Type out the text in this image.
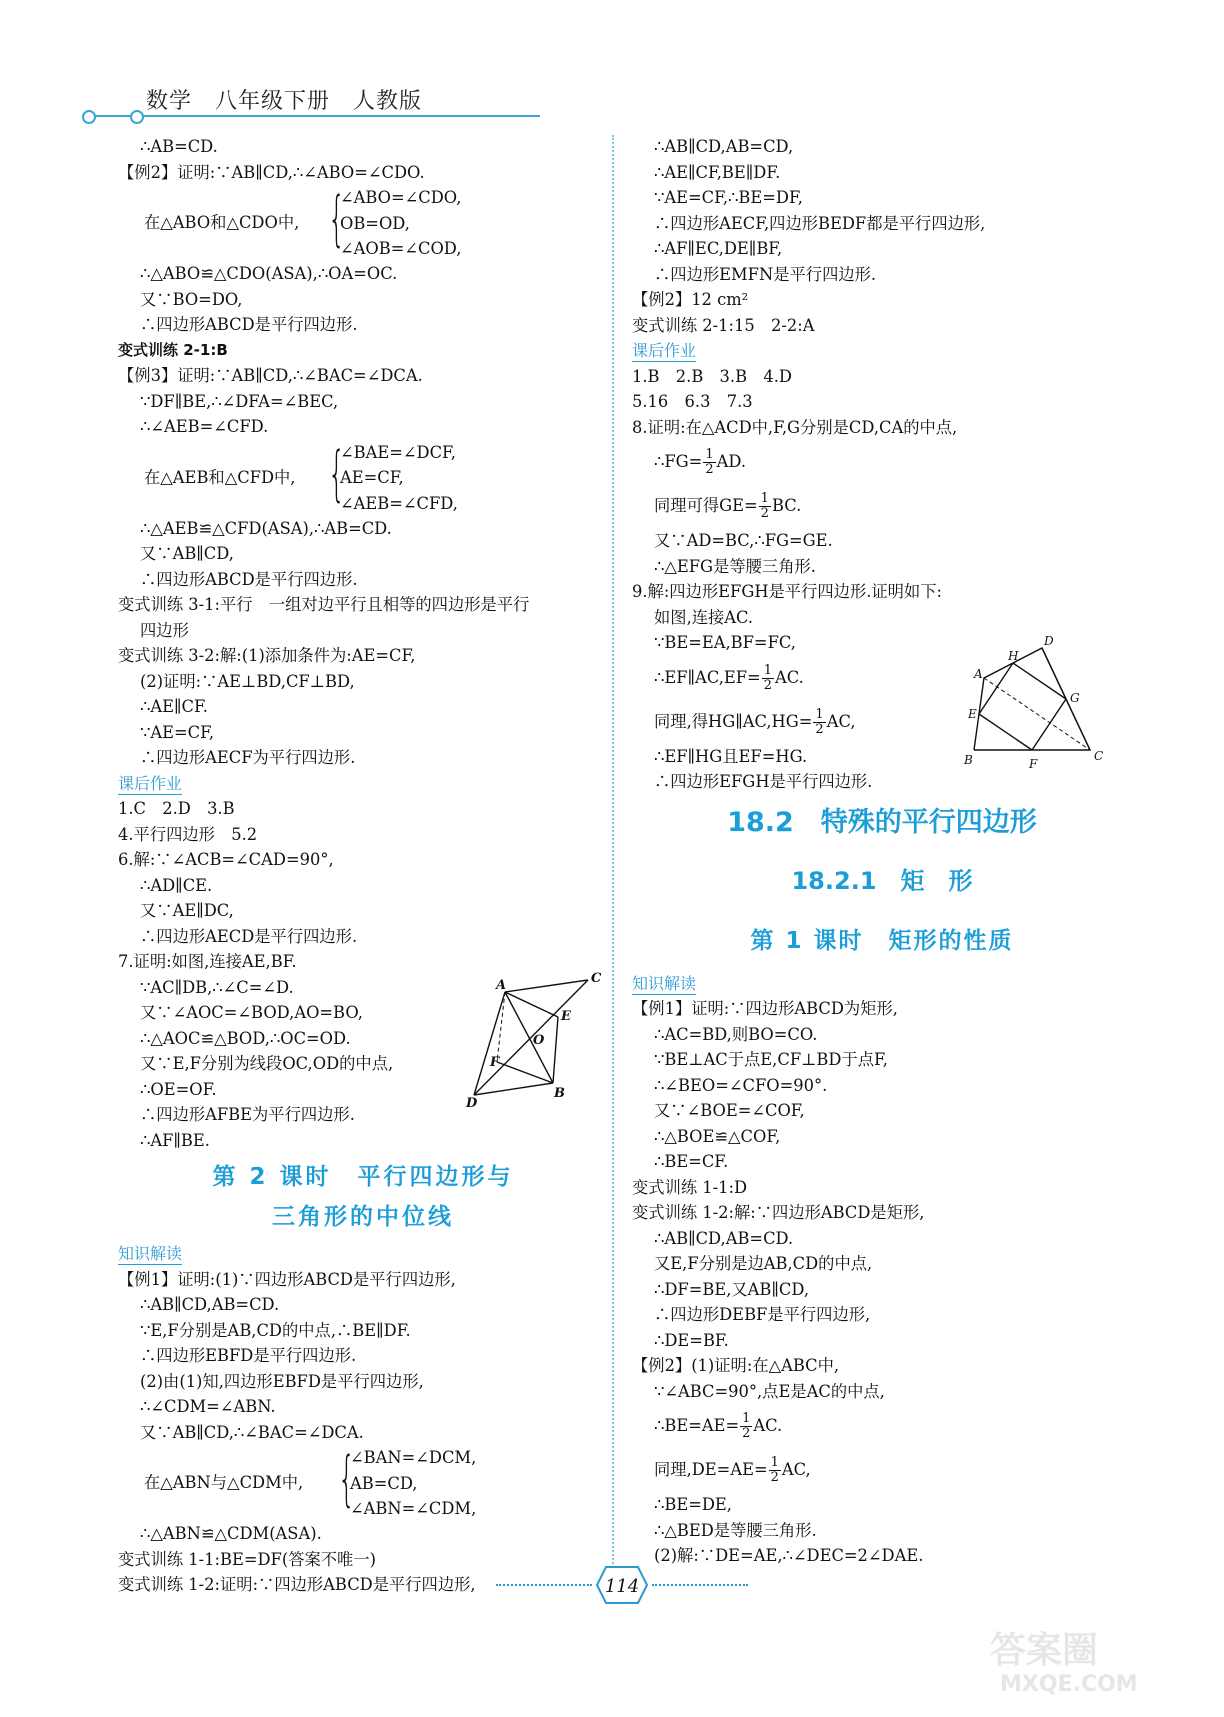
数学　八年级下册　人教版
∴AB=CD.
【例2】证明:∵AB∥CD,∴∠ABO=∠CDO.
在△ABO和△CDO中, {
∠ABO=∠CDO,
OB=OD,
∠AOB=∠COD,
∴△ABO≌△CDO(ASA),∴OA=OC.
又∵BO=DO,
∴四边形ABCD是平行四边形.
变式训练 2-1:B
【例3】证明:∵AB∥CD,∴∠BAC=∠DCA.
∵DF∥BE,∴∠DFA=∠BEC,
∴∠AEB=∠CFD.
在△AEB和△CFD中, {
∠BAE=∠DCF,
AE=CF,
∠AEB=∠CFD,
∴△AEB≌△CFD(ASA),∴AB=CD.
又∵AB∥CD,
∴四边形ABCD是平行四边形.
变式训练 3-1:平行　一组对边平行且相等的四边形是平行
四边形
变式训练 3-2:解:(1)添加条件为:AE=CF,
(2)证明:∵AE⊥BD,CF⊥BD,
∴AE∥CF.
∵AE=CF,
∴四边形AECF为平行四边形.
课后作业
1.C　2.D　3.B
4.平行四边形　5.2
6.解:∵∠ACB=∠CAD=90°,
∴AD∥CE.
又∵AE∥DC,
∴四边形AECD是平行四边形.
7.证明:如图,连接AE,BF.
∵AC∥DB,∴∠C=∠D.
又∵∠AOC=∠BOD,AO=BO,
∴△AOC≌△BOD,∴OC=OD.
又∵E,F分别为线段OC,OD的中点,
∴OE=OF.
∴四边形AFBE为平行四边形.
∴AF∥BE.
第 2 课时　平行四边形与
三角形的中位线
知识解读
【例1】证明:(1)∵四边形ABCD是平行四边形,
∴AB∥CD,AB=CD.
∵E,F分别是AB,CD的中点,∴BE∥DF.
∴四边形EBFD是平行四边形.
(2)由(1)知,四边形EBFD是平行四边形,
∴∠CDM=∠ABN.
又∵AB∥CD,∴∠BAC=∠DCA.
在△ABN与△CDM中, {
∠BAN=∠DCM,
AB=CD,
∠ABN=∠CDM,
∴△ABN≌△CDM(ASA).
变式训练 1-1:BE=DF(答案不唯一)
变式训练 1-2:证明:∵四边形ABCD是平行四边形,
A	C
E
O
F
D
B
∴AB∥CD,AB=CD,
∴AE∥CF,BE∥DF.
∵AE=CF,∴BE=DF,
∴四边形AECF,四边形BEDF都是平行四边形,
∴AF∥EC,DE∥BF,
∴四边形EMFN是平行四边形.
【例2】12 cm²
变式训练 2-1:15　2-2:A
课后作业
1.B　2.B　3.B　4.D
5.16　6.3　7.3
8.证明:在△ACD中,F,G分别是CD,CA的中点,
∴FG= $\frac{1}{2}$ AD.
同理可得$GE= \frac{1}{2}$ BC.
又∵AD=BC,∴FG=GE.
∴△EFG是等腰三角形.
9.解:四边形EFGH是平行四边形.证明如下:
如图,连接AC.
∵BE=EA,BF=FC,
∴EF∥AC,EF= $\frac{1}{2}$ AC.
同理,得HG∥AC,HG= $\frac{1}{2}$ AC,
∴EF∥HG且EF=HG.
∴四边形EFGH是平行四边形.
18.2　特殊的平行四边形
18.2.1　矩　形
第 1 课时　矩形的性质
知识解读
【例1】证明:∵四边形ABCD为矩形,
∴AC=BD,则BO=CO.
∵BE⊥AC于点E,CF⊥BD于点F,
∴∠BEO=∠CFO=90°.
又∵∠BOE=∠COF,
∴△BOE≌△COF,
∴BE=CF.
变式训练 1-1:D
变式训练 1-2:解:∵四边形ABCD是矩形,
∴AB∥CD,AB=CD.
又E,F分别是边AB,CD的中点,
∴DF=BE,又AB∥CD,
∴四边形DEBF是平行四边形,
∴DE=BF.
【例2】(1)证明:在△ABC中,
∵∠ABC=90°,点E是AC的中点,
∴BE=AE= $\frac{1}{2}$ AC.
同理$,DE=AE= \frac{1}{2}$ AC,
∴BE=DE,
∴△BED是等腰三角形.
(2)解:∵DE=AE,∴∠DEC=2∠DAE.
H
D
A
G
E
B	F
C
114
答案圈
MXQE.COM
